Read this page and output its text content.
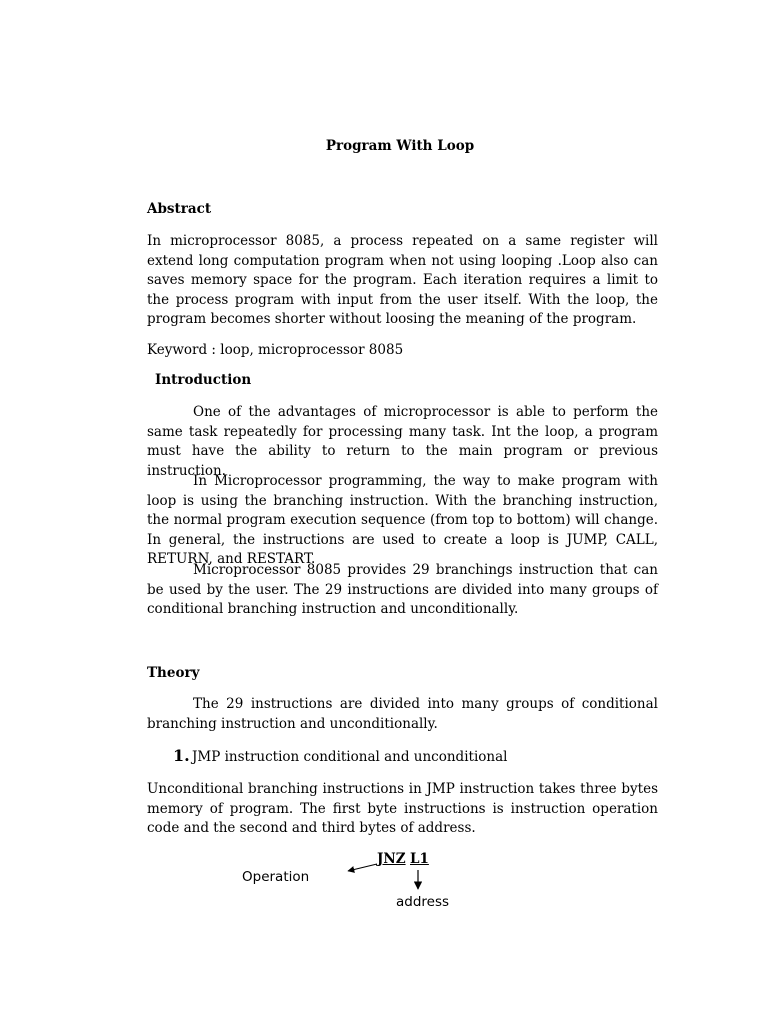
Program With Loop
Abstract

In microprocessor 8085, a process repeated on a same register will extend long computation program when not using looping .Loop also can saves memory space for the program. Each iteration requires a limit to the process program with input from the user itself. With the loop, the program becomes shorter without loosing the meaning of the program.

Keyword : loop, microprocessor 8085
Introduction

One of the advantages of microprocessor is able to perform the same task repeatedly for processing many task. Int the loop, a program must have the ability to return to the main program or previous instruction.

In Microprocessor programming, the way to make program with loop is using the branching instruction. With the branching instruction, the normal program execution sequence (from top to bottom) will change. In general, the instructions are used to create a loop is JUMP, CALL, RETURN, and RESTART.

Microprocessor 8085 provides 29 branchings instruction that can be used by the user. The 29 instructions are divided into many groups of conditional branching instruction and unconditionally.

Theory

The 29 instructions are divided into many groups of conditional branching instruction and unconditionally.

1. JMP instruction conditional and unconditional

Unconditional branching instructions in JMP instruction takes three bytes memory of program. The first byte instructions is instruction operation code and the second and third bytes of address.

JNZ L1
Operation
address
